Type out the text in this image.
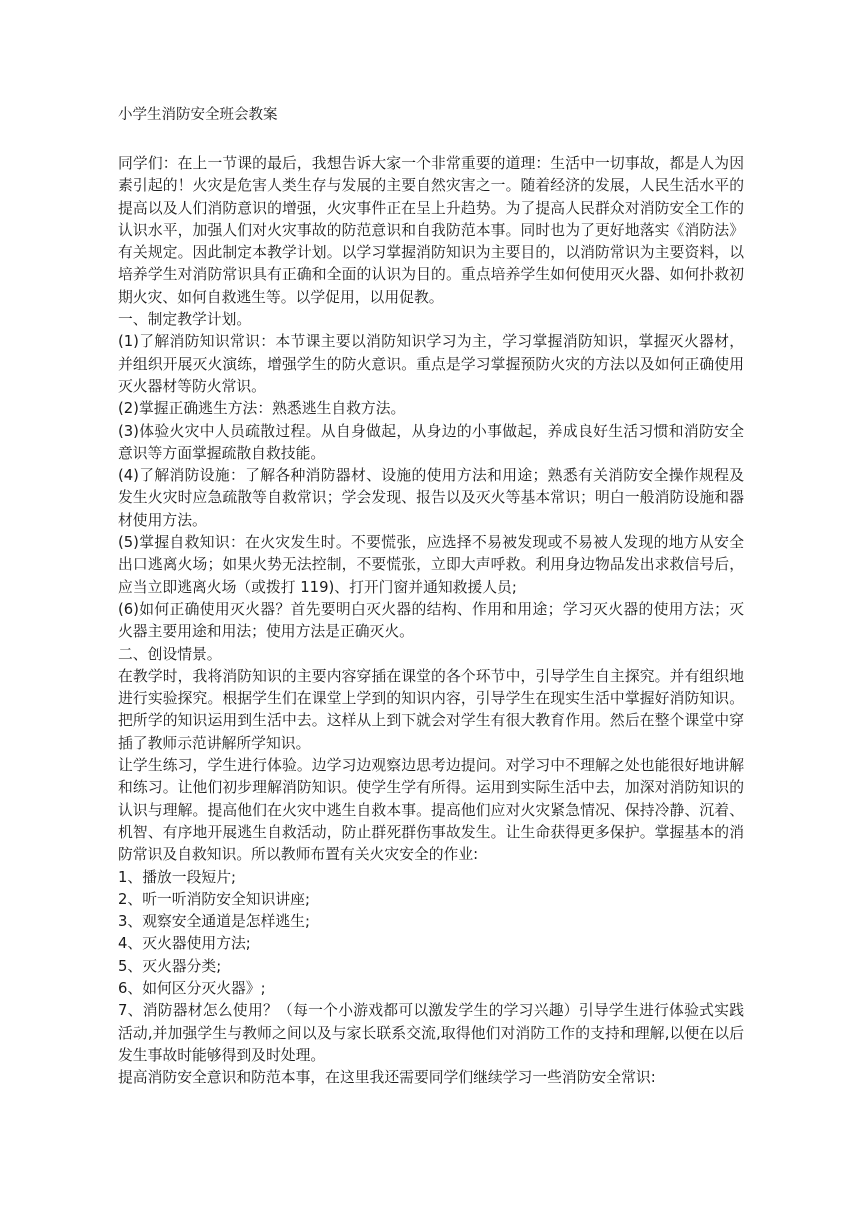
小学生消防安全班会教案

同学们：在上一节课的最后，我想告诉大家一个非常重要的道理：生活中一切事故，都是人为因素引起的！火灾是危害人类生存与发展的主要自然灾害之一。随着经济的发展，人民生活水平的提高以及人们消防意识的增强，火灾事件正在呈上升趋势。为了提高人民群众对消防安全工作的认识水平，加强人们对火灾事故的防范意识和自我防范本事。同时也为了更好地落实《消防法》有关规定。因此制定本教学计划。以学习掌握消防知识为主要目的，以消防常识为主要资料，以培养学生对消防常识具有正确和全面的认识为目的。重点培养学生如何使用灭火器、如何扑救初期火灾、如何自救逃生等。以学促用，以用促教。

一、制定教学计划。

(1)了解消防知识常识：本节课主要以消防知识学习为主，学习掌握消防知识，掌握灭火器材，并组织开展灭火演练，增强学生的防火意识。重点是学习掌握预防火灾的方法以及如何正确使用灭火器材等防火常识。

(2)掌握正确逃生方法：熟悉逃生自救方法。

(3)体验火灾中人员疏散过程。从自身做起，从身边的小事做起，养成良好生活习惯和消防安全意识等方面掌握疏散自救技能。

(4)了解消防设施：了解各种消防器材、设施的使用方法和用途；熟悉有关消防安全操作规程及发生火灾时应急疏散等自救常识；学会发现、报告以及灭火等基本常识；明白一般消防设施和器材使用方法。

(5)掌握自救知识：在火灾发生时。不要慌张，应选择不易被发现或不易被人发现的地方从安全出口逃离火场；如果火势无法控制，不要慌张，立即大声呼救。利用身边物品发出求救信号后，应当立即逃离火场（或拨打 119)、打开门窗并通知救援人员;

(6)如何正确使用灭火器？首先要明白灭火器的结构、作用和用途；学习灭火器的使用方法；灭火器主要用途和用法；使用方法是正确灭火。

二、创设情景。

在教学时，我将消防知识的主要内容穿插在课堂的各个环节中，引导学生自主探究。并有组织地进行实验探究。根据学生们在课堂上学到的知识内容，引导学生在现实生活中掌握好消防知识。把所学的知识运用到生活中去。这样从上到下就会对学生有很大教育作用。然后在整个课堂中穿插了教师示范讲解所学知识。

让学生练习，学生进行体验。边学习边观察边思考边提问。对学习中不理解之处也能很好地讲解和练习。让他们初步理解消防知识。使学生学有所得。运用到实际生活中去，加深对消防知识的认识与理解。提高他们在火灾中逃生自救本事。提高他们应对火灾紧急情况、保持冷静、沉着、机智、有序地开展逃生自救活动，防止群死群伤事故发生。让生命获得更多保护。掌握基本的消防常识及自救知识。所以教师布置有关火灾安全的作业:

1、播放一段短片;

2、听一听消防安全知识讲座;

3、观察安全通道是怎样逃生;

4、灭火器使用方法;

5、灭火器分类;

6、如何区分灭火器》;

7、消防器材怎么使用？（每一个小游戏都可以激发学生的学习兴趣）引导学生进行体验式实践活动,并加强学生与教师之间以及与家长联系交流,取得他们对消防工作的支持和理解,以便在以后发生事故时能够得到及时处理。

提高消防安全意识和防范本事，在这里我还需要同学们继续学习一些消防安全常识:
